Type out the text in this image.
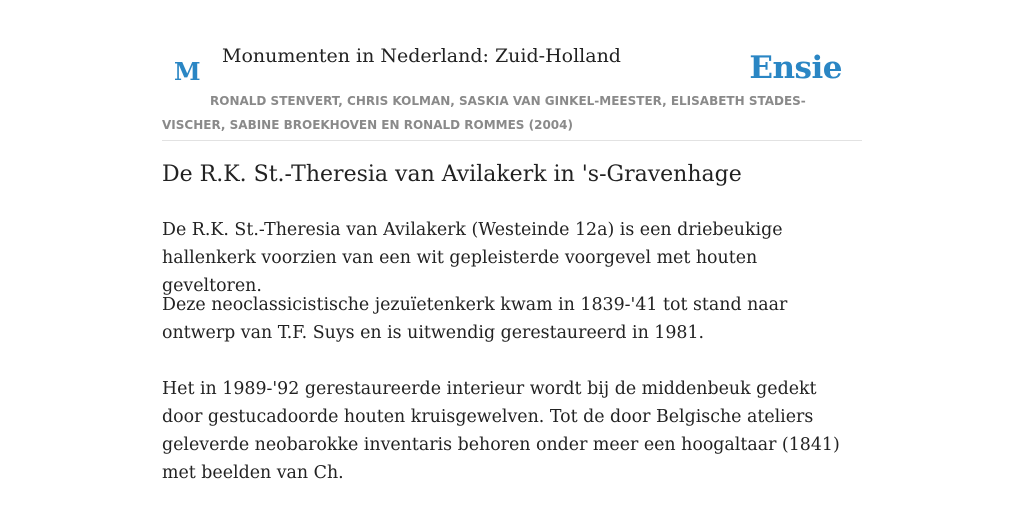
M
Monumenten in Nederland: Zuid-Holland	Ensie
RONALD STENVERT, CHRIS KOLMAN, SASKIA VAN GINKEL-MEESTER, ELISABETH STADES-VISCHER, SABINE BROEKHOVEN EN RONALD ROMMES (2004)
De R.K. St.-Theresia van Avilakerk in 's-Gravenhage

De R.K. St.-Theresia van Avilakerk (Westeinde 12a) is een driebeukige hallenkerk voorzien van een wit gepleisterde voorgevel met houten geveltoren.

Deze neoclassicistische jezuïetenkerk kwam in 1839-'41 tot stand naar ontwerp van T.F. Suys en is uitwendig gerestaureerd in 1981.

Het in 1989-'92 gerestaureerde interieur wordt bij de middenbeuk gedekt door gestucadoorde houten kruisgewelven. Tot de door Belgische ateliers geleverde neobarokke inventaris behoren onder meer een hoogaltaar (1841) met beelden van Ch.
